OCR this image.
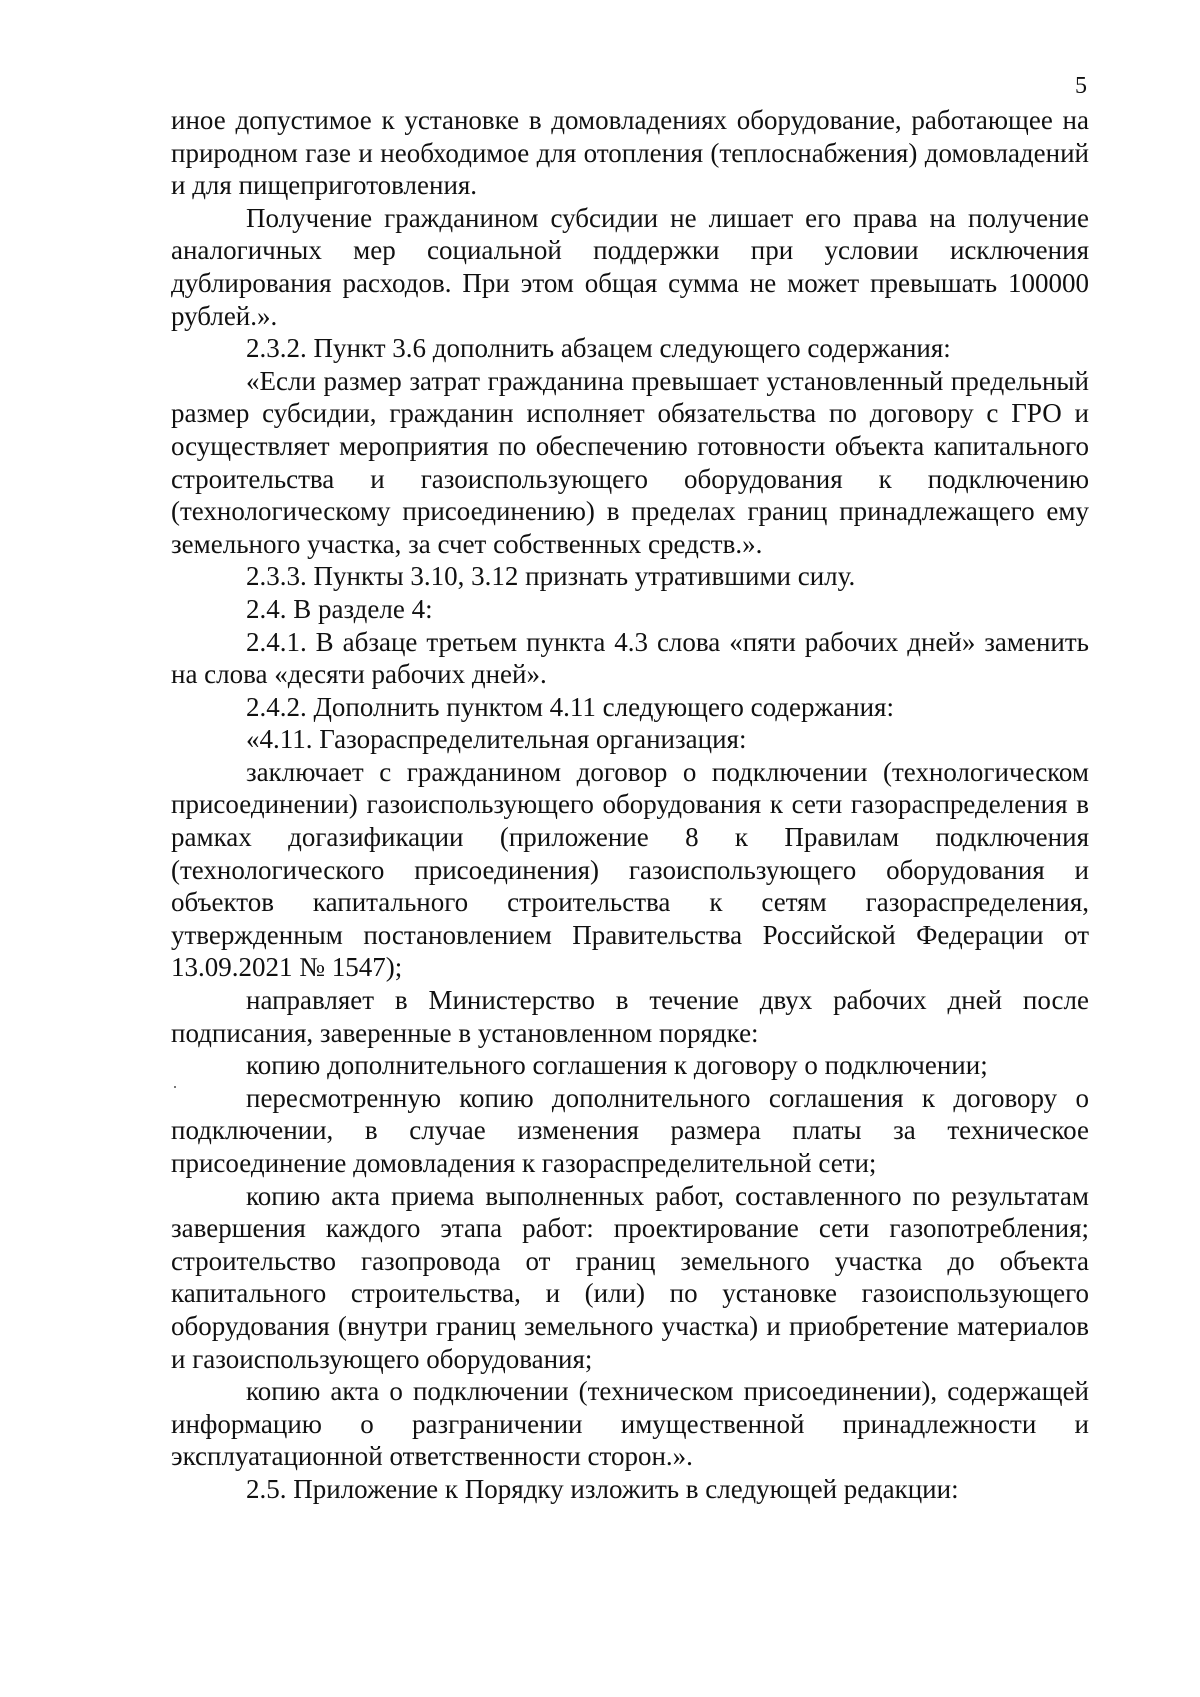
5

иное допустимое к установке в домовладениях оборудование, работающее на природном газе и необходимое для отопления (теплоснабжения) домовладений и для пищеприготовления.

Получение гражданином субсидии не лишает его права на получение аналогичных мер социальной поддержки при условии исключения дублирования расходов. При этом общая сумма не может превышать 100000 рублей.».

2.3.2. Пункт 3.6 дополнить абзацем следующего содержания:

«Если размер затрат гражданина превышает установленный предельный размер субсидии, гражданин исполняет обязательства по договору с ГРО и осуществляет мероприятия по обеспечению готовности объекта капитального строительства и газоиспользующего оборудования к подключению (технологическому присоединению) в пределах границ принадлежащего ему земельного участка, за счет собственных средств.».

2.3.3. Пункты 3.10, 3.12 признать утратившими силу.

2.4. В разделе 4:

2.4.1. В абзаце третьем пункта 4.3 слова «пяти рабочих дней» заменить на слова «десяти рабочих дней».

2.4.2. Дополнить пунктом 4.11 следующего содержания:

«4.11. Газораспределительная организация:

заключает с гражданином договор о подключении (технологическом присоединении) газоиспользующего оборудования к сети газораспределения в рамках догазификации (приложение 8 к Правилам подключения (технологического присоединения) газоиспользующего оборудования и объектов капитального строительства к сетям газораспределения, утвержденным постановлением Правительства Российской Федерации от 13.09.2021 № 1547);

направляет в Министерство в течение двух рабочих дней после подписания, заверенные в установленном порядке:

копию дополнительного соглашения к договору о подключении;

пересмотренную копию дополнительного соглашения к договору о подключении, в случае изменения размера платы за техническое присоединение домовладения к газораспределительной сети;

копию акта приема выполненных работ, составленного по результатам завершения каждого этапа работ: проектирование сети газопотребления; строительство газопровода от границ земельного участка до объекта капитального строительства, и (или) по установке газоиспользующего оборудования (внутри границ земельного участка) и приобретение материалов и газоиспользующего оборудования;

копию акта о подключении (техническом присоединении), содержащей информацию о разграничении имущественной принадлежности и эксплуатационной ответственности сторон.».

2.5. Приложение к Порядку изложить в следующей редакции:
